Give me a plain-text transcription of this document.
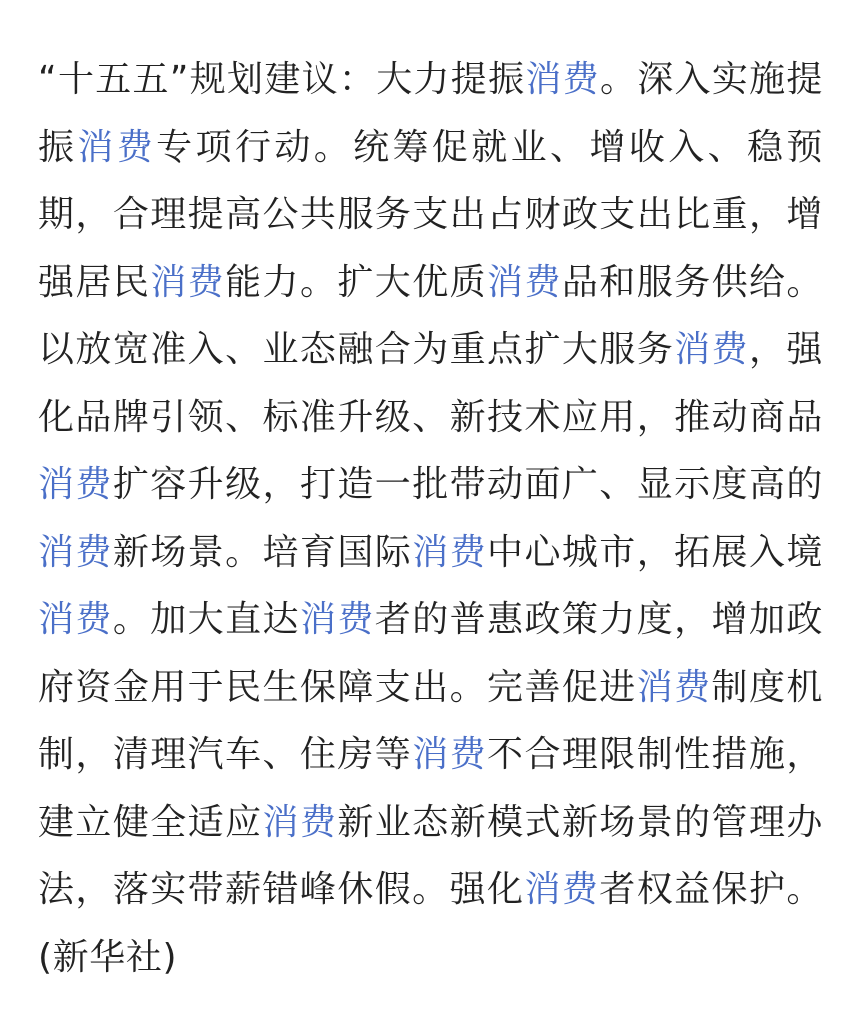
“十五五”规划建议：大力提振消费。深入实施提振消费专项行动。统筹促就业、增收入、稳预期，合理提高公共服务支出占财政支出比重，增强居民消费能力。扩大优质消费品和服务供给。以放宽准入、业态融合为重点扩大服务消费，强化品牌引领、标准升级、新技术应用，推动商品消费扩容升级，打造一批带动面广、显示度高的消费新场景。培育国际消费中心城市，拓展入境消费。加大直达消费者的普惠政策力度，增加政府资金用于民生保障支出。完善促进消费制度机制，清理汽车、住房等消费不合理限制性措施，建立健全适应消费新业态新模式新场景的管理办法，落实带薪错峰休假。强化消费者权益保护。(新华社)
